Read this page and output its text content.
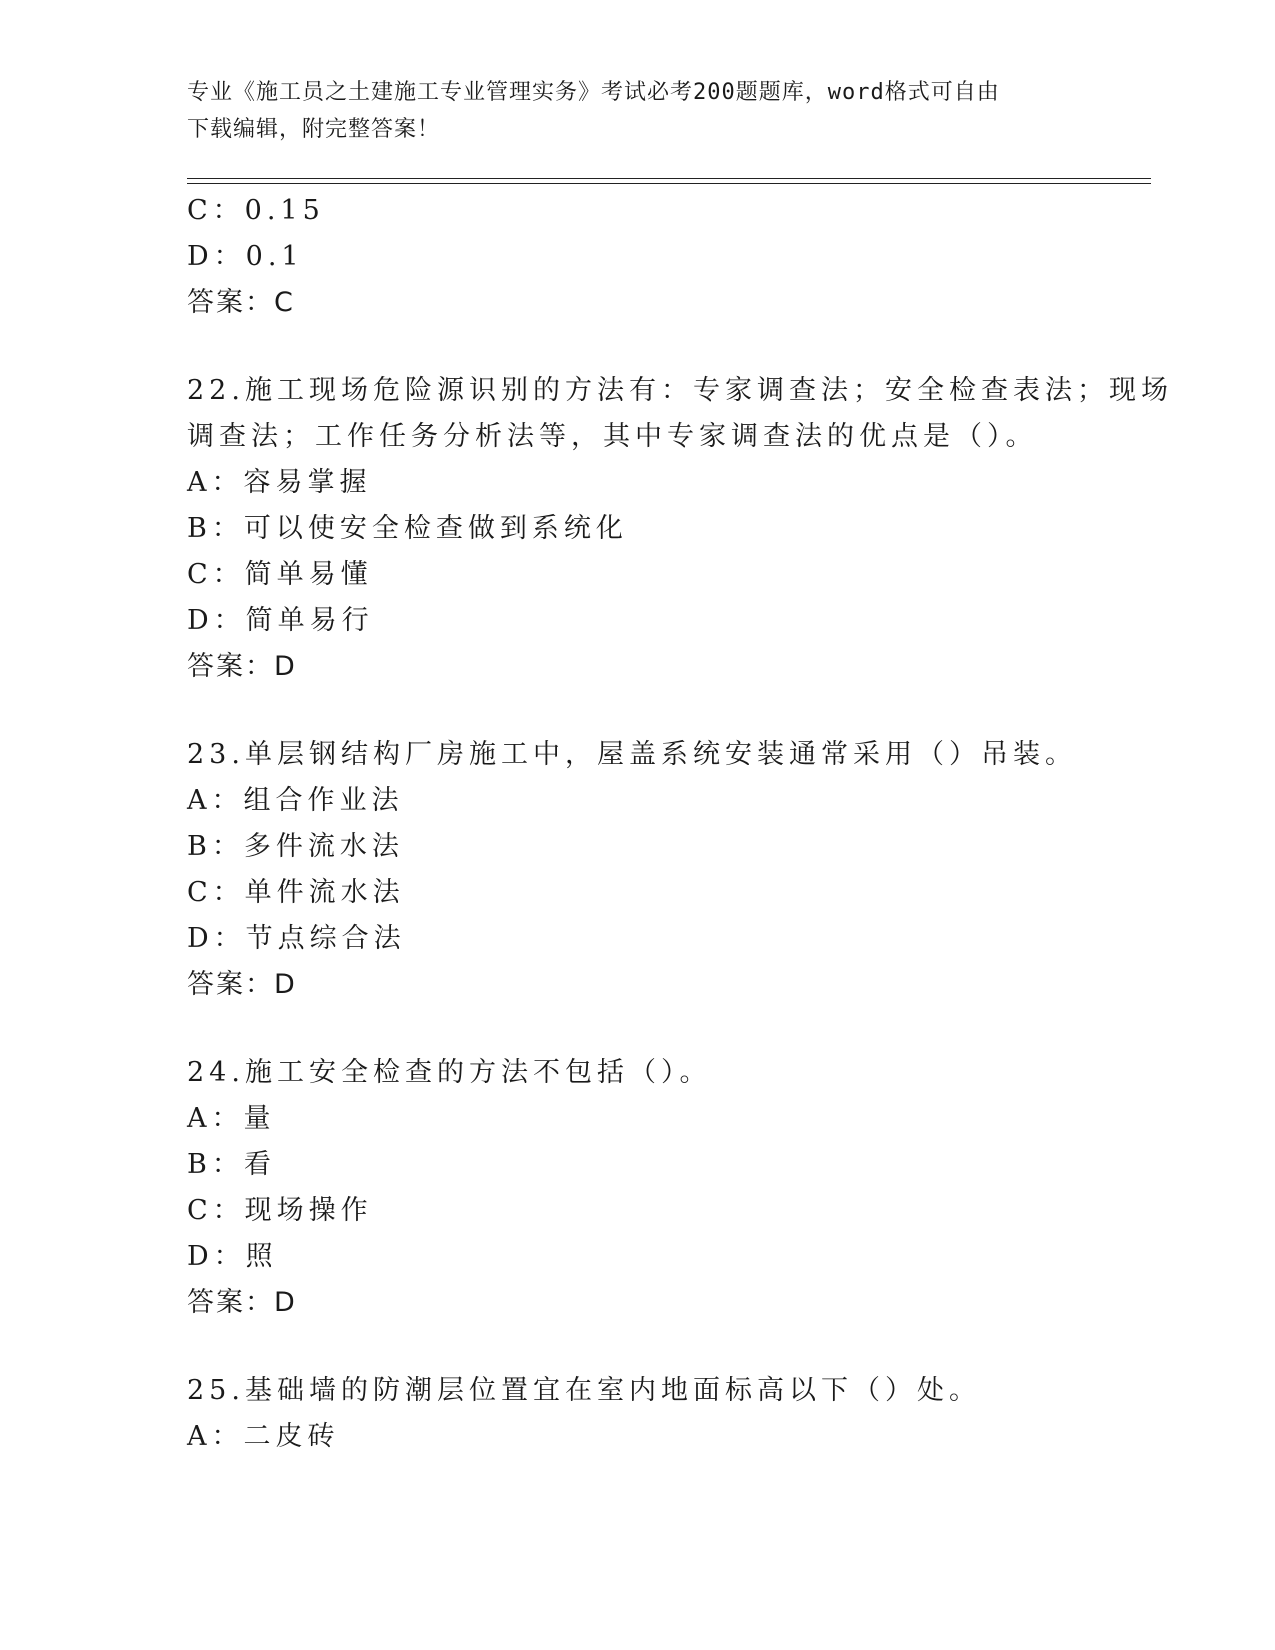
专业《施工员之土建施工专业管理实务》考试必考200题题库，word格式可自由
下载编辑，附完整答案！
C：0.15
D：0.1
答案：C
22.施工现场危险源识别的方法有：专家调查法；安全检查表法；现场
调查法；工作任务分析法等，其中专家调查法的优点是（）。
A：容易掌握
B：可以使安全检查做到系统化
C：简单易懂
D：简单易行
答案：D
23.单层钢结构厂房施工中，屋盖系统安装通常采用（）吊装。
A：组合作业法
B：多件流水法
C：单件流水法
D：节点综合法
答案：D
24.施工安全检查的方法不包括（）。
A：量
B：看
C：现场操作
D：照
答案：D
25.基础墙的防潮层位置宜在室内地面标高以下（）处。
A：二皮砖
